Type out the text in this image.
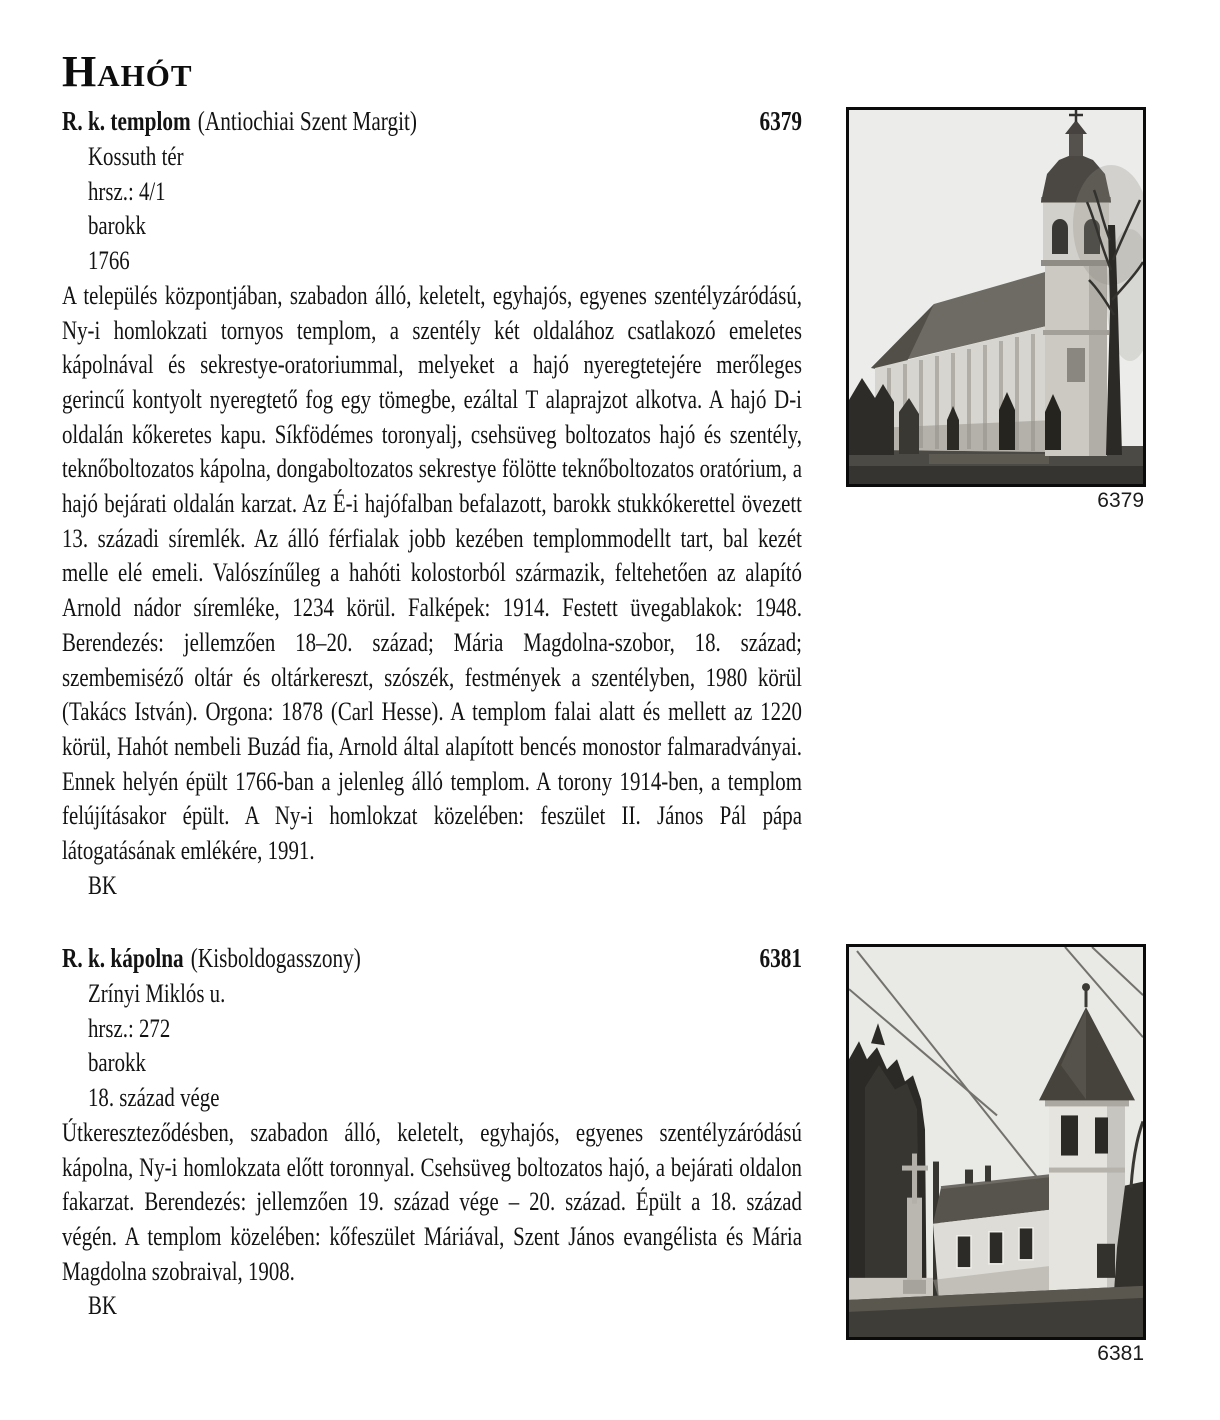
Hahót
R. k. templom (Antiochiai Szent Margit)	6379
Kossuth tér
hrsz.: 4/1
barokk
1766

A település központjában, szabadon álló, keletelt, egyhajós, egyenes szentélyzáródású, Ny-i homlokzati tornyos templom, a szentély két oldalához csatlakozó emeletes kápolnával és sekrestye-oratoriummal, melyeket a hajó nyeregtetejére merőleges gerincű kontyolt nyeregtető fog egy tömegbe, ezáltal T alaprajzot alkotva. A hajó D-i oldalán kőkeretes kapu. Síkfödémes toronyalj, csehsüveg boltozatos hajó és szentély, teknőboltozatos kápolna, dongaboltozatos sekrestye fölötte teknőboltozatos oratórium, a hajó bejárati oldalán karzat. Az É-i hajófalban befalazott, barokk stukkókerettel övezett 13. századi síremlék. Az álló férfialak jobb kezében templommodellt tart, bal kezét melle elé emeli. Valószínűleg a hahóti kolostorból származik, feltehetően az alapító Arnold nádor síremléke, 1234 körül. Falképek: 1914. Festett üvegablakok: 1948. Berendezés: jellemzően 18–20. század; Mária Magdolna-szobor, 18. század; szembemiséző oltár és oltárkereszt, szószék, festmények a szentélyben, 1980 körül (Takács István). Orgona: 1878 (Carl Hesse). A templom falai alatt és mellett az 1220 körül, Hahót nembeli Buzád fia, Arnold által alapított bencés monostor falmaradványai. Ennek helyén épült 1766-ban a jelenleg álló templom. A torony 1914-ben, a templom felújításakor épült. A Ny-i homlokzat közelében: feszület II. János Pál pápa látogatásának emlékére, 1991.

BK
R. k. kápolna (Kisboldogasszony)	6381
Zrínyi Miklós u.
hrsz.: 272
barokk
18. század vége

Útkereszteződésben, szabadon álló, keletelt, egyhajós, egyenes szentélyzáródású kápolna, Ny-i homlokzata előtt toronnyal. Csehsüveg boltozatos hajó, a bejárati oldalon fakarzat. Berendezés: jellemzően 19. század vége – 20. század. Épült a 18. század végén. A templom közelében: kőfeszület Máriával, Szent János evangélista és Mária Magdolna szobraival, 1908.

BK
6379
6381
